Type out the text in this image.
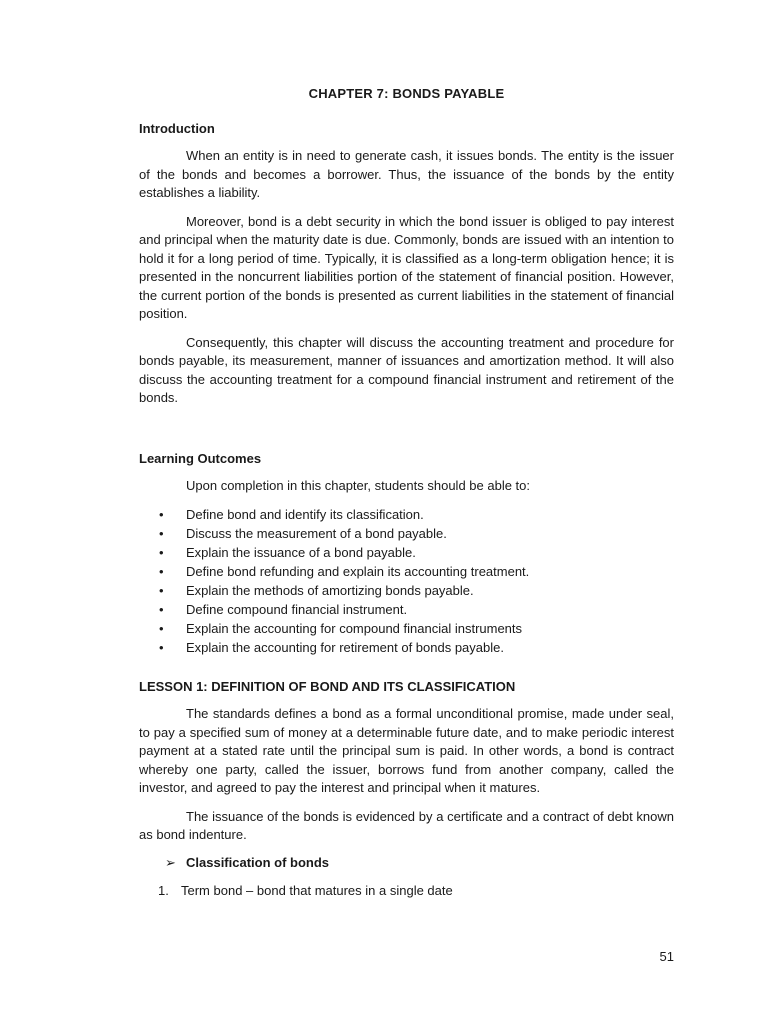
CHAPTER 7: BONDS PAYABLE
Introduction

When an entity is in need to generate cash, it issues bonds. The entity is the issuer of the bonds and becomes a borrower. Thus, the issuance of the bonds by the entity establishes a liability.

Moreover, bond is a debt security in which the bond issuer is obliged to pay interest and principal when the maturity date is due. Commonly, bonds are issued with an intention to hold it for a long period of time. Typically, it is classified as a long-term obligation hence; it is presented in the noncurrent liabilities portion of the statement of financial position. However, the current portion of the bonds is presented as current liabilities in the statement of financial position.

Consequently, this chapter will discuss the accounting treatment and procedure for bonds payable, its measurement, manner of issuances and amortization method. It will also discuss the accounting treatment for a compound financial instrument and retirement of the bonds.

Learning Outcomes

Upon completion in this chapter, students should be able to:

• Define bond and identify its classification.
• Discuss the measurement of a bond payable.
• Explain the issuance of a bond payable.
• Define bond refunding and explain its accounting treatment.
• Explain the methods of amortizing bonds payable.
• Define compound financial instrument.
• Explain the accounting for compound financial instruments
• Explain the accounting for retirement of bonds payable.
LESSON 1: DEFINITION OF BOND AND ITS CLASSIFICATION

The standards defines a bond as a formal unconditional promise, made under seal, to pay a specified sum of money at a determinable future date, and to make periodic interest payment at a stated rate until the principal sum is paid. In other words, a bond is contract whereby one party, called the issuer, borrows fund from another company, called the investor, and agreed to pay the interest and principal when it matures.

The issuance of the bonds is evidenced by a certificate and a contract of debt known as bond indenture.

➢ Classification of bonds
1. Term bond – bond that matures in a single date
51
